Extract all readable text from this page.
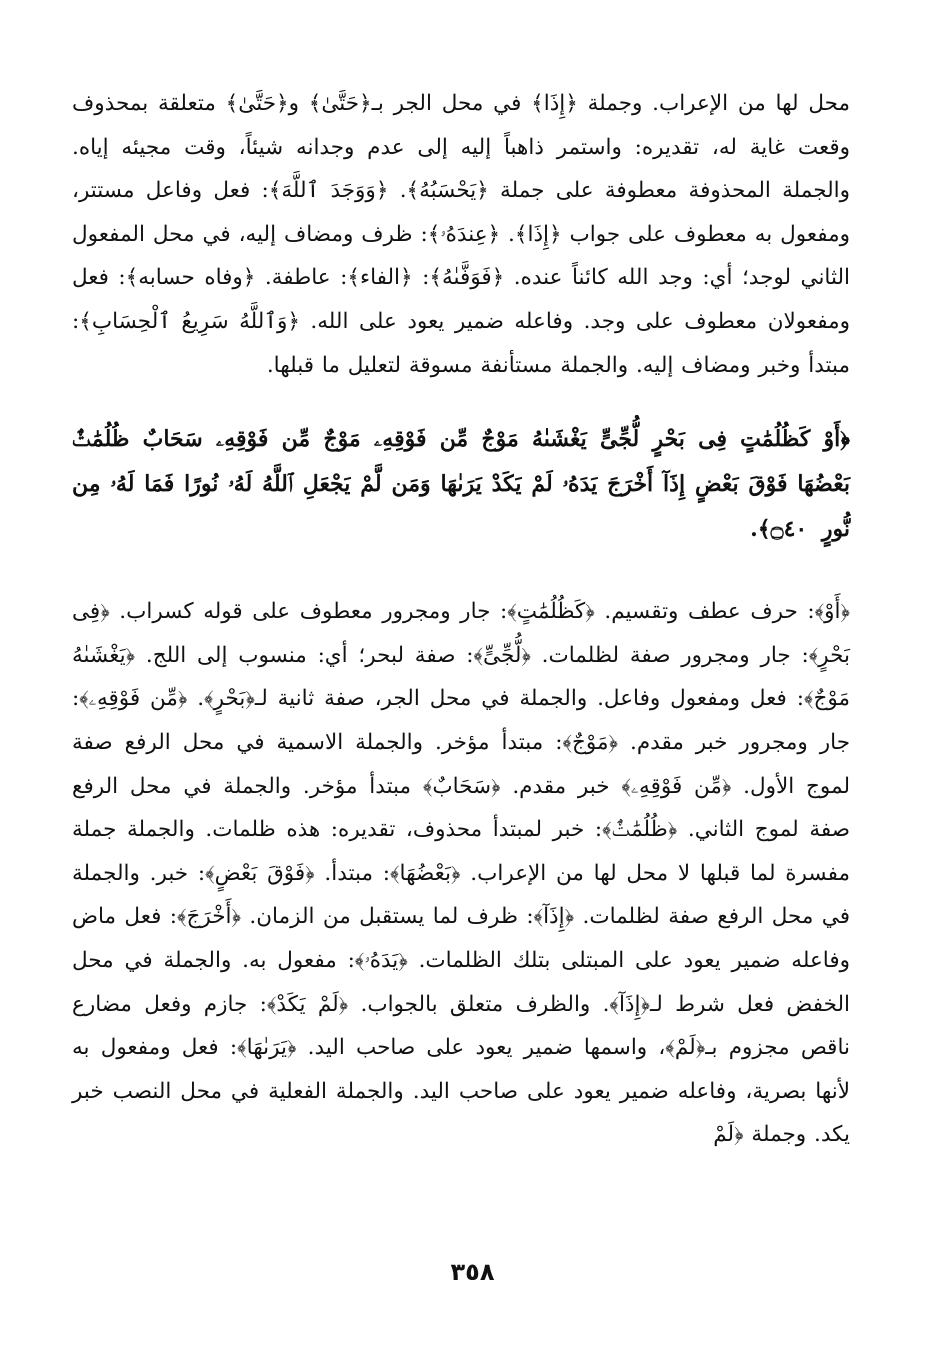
محل لها من الإعراب. وجملة ﴿إِذَا﴾ في محل الجر بـ﴿حَتَّىٰ﴾ و﴿حَتَّىٰ﴾ متعلقة بمحذوف وقعت غاية له، تقديره: واستمر ذاهباً إليه إلى عدم وجدانه شيئاً، وقت مجيئه إياه. والجملة المحذوفة معطوفة على جملة ﴿يَحْسَبُهُ﴾. ﴿وَوَجَدَ ٱللَّهَ﴾: فعل وفاعل مستتر، ومفعول به معطوف على جواب ﴿إِذَا﴾. ﴿عِندَهُۥ﴾: ظرف ومضاف إليه، في محل المفعول الثاني لوجد؛ أي: وجد الله كائناً عنده. ﴿فَوَفَّىٰهُ﴾: ﴿الفاء﴾: عاطفة. ﴿وفاه حسابه﴾: فعل ومفعولان معطوف على وجد. وفاعله ضمير يعود على الله. ﴿وَٱللَّهُ سَرِيعُ ٱلْحِسَابِ﴾: مبتدأ وخبر ومضاف إليه. والجملة مستأنفة مسوقة لتعليل ما قبلها.

﴿أَوْ كَظُلُمَٰتٍ فِى بَحْرٍ لُّجِّىٍّ يَغْشَىٰهُ مَوْجٌ مِّن فَوْقِهِۦ مَوْجٌ مِّن فَوْقِهِۦ سَحَابٌ ظُلُمَٰتٌۢ بَعْضُهَا فَوْقَ بَعْضٍ إِذَآ أَخْرَجَ يَدَهُۥ لَمْ يَكَدْ يَرَىٰهَا وَمَن لَّمْ يَجْعَلِ ٱللَّهُ لَهُۥ نُورًا فَمَا لَهُۥ مِن نُّورٍ ۝٤٠﴾.

﴿أَوْ﴾: حرف عطف وتقسيم. ﴿كَظُلُمَٰتٍ﴾: جار ومجرور معطوف على قوله كسراب. ﴿فِى بَحْرٍ﴾: جار ومجرور صفة لظلمات. ﴿لُّجِّىٍّ﴾: صفة لبحر؛ أي: منسوب إلى اللج. ﴿يَغْشَىٰهُ مَوْجٌ﴾: فعل ومفعول وفاعل. والجملة في محل الجر، صفة ثانية لـ﴿بَحْرٍ﴾. ﴿مِّن فَوْقِهِۦ﴾: جار ومجرور خبر مقدم. ﴿مَوْجٌ﴾: مبتدأ مؤخر. والجملة الاسمية في محل الرفع صفة لموج الأول. ﴿مِّن فَوْقِهِۦ﴾ خبر مقدم. ﴿سَحَابٌ﴾ مبتدأ مؤخر. والجملة في محل الرفع صفة لموج الثاني. ﴿ظُلُمَٰتٌۢ﴾: خبر لمبتدأ محذوف، تقديره: هذه ظلمات. والجملة جملة مفسرة لما قبلها لا محل لها من الإعراب. ﴿بَعْضُهَا﴾: مبتدأ. ﴿فَوْقَ بَعْضٍ﴾: خبر. والجملة في محل الرفع صفة لظلمات. ﴿إِذَآ﴾: ظرف لما يستقبل من الزمان. ﴿أَخْرَجَ﴾: فعل ماض وفاعله ضمير يعود على المبتلى بتلك الظلمات. ﴿يَدَهُۥ﴾: مفعول به. والجملة في محل الخفض فعل شرط لـ﴿إِذَآ﴾. والظرف متعلق بالجواب. ﴿لَمْ يَكَدْ﴾: جازم وفعل مضارع ناقص مجزوم بـ﴿لَمْ﴾، واسمها ضمير يعود على صاحب اليد. ﴿يَرَىٰهَا﴾: فعل ومفعول به لأنها بصرية، وفاعله ضمير يعود على صاحب اليد. والجملة الفعلية في محل النصب خبر يكد. وجملة ﴿لَمْ

٣٥٨
